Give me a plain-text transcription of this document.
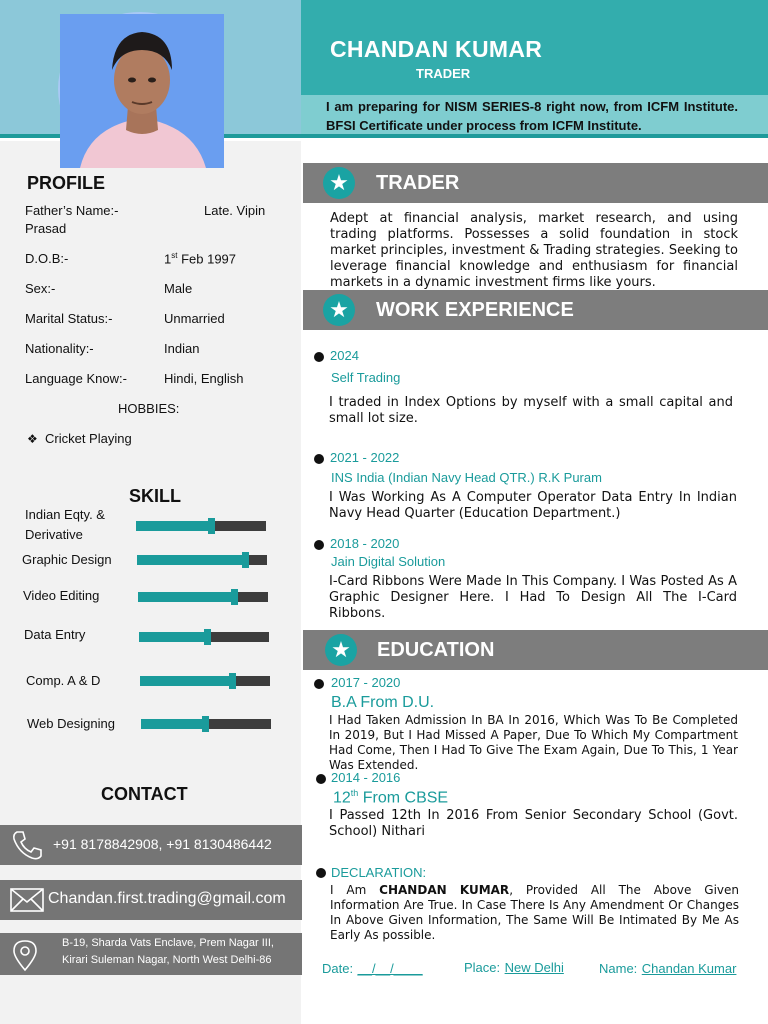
CHANDAN KUMAR
TRADER
I am preparing for NISM SERIES-8 right now, from ICFM Institute. BFSI Certificate under process from ICFM Institute.
PROFILE
Father’s Name:-	Late. Vipin
Prasad
D.O.B:-	1st Feb 1997
Sex:-	Male
Marital Status:-	Unmarried
Nationality:-	Indian
Language Know:-	Hindi, English
HOBBIES:
❖ Cricket Playing
SKILL
Indian Eqty. &
Derivative
Graphic Design
Video Editing
Data Entry
Comp. A & D
Web Designing
CONTACT
+91 8178842908, +91 8130486442
Chandan.first.trading@gmail.com
B-19, Sharda Vats Enclave, Prem Nagar III,
Kirari Suleman Nagar, North West Delhi-86
★	TRADER
Adept at financial analysis, market research, and using trading platforms. Possesses a solid foundation in stock market principles, investment & Trading strategies. Seeking to leverage financial knowledge and enthusiasm for financial markets in a dynamic investment firms like yours.
★	WORK EXPERIENCE
2024
Self Trading
I traded in Index Options by myself with a small capital and small lot size.
2021 - 2022
INS India (Indian Navy Head QTR.) R.K Puram
I Was Working As A Computer Operator Data Entry In Indian Navy Head Quarter (Education Department.)
2018 - 2020
Jain Digital Solution
I-Card Ribbons Were Made In This Company. I Was Posted As A Graphic Designer Here. I Had To Design All The I-Card Ribbons.
★	EDUCATION
2017 - 2020
B.A From D.U.
I Had Taken Admission In BA In 2016, Which Was To Be Completed In 2019, But I Had Missed A Paper, Due To Which My Compartment Had Come, Then I Had To Give The Exam Again, Due To This, 1 Year Was Extended.
2014 - 2016
12th From CBSE
I Passed 12th In 2016 From Senior Secondary School (Govt. School) Nithari
DECLARATION:
I Am CHANDAN KUMAR, Provided All The Above Given Information Are True. In Case There Is Any Amendment Or Changes In Above Given Information, The Same Will Be Intimated By Me As Early As possible.
Date: __/__/____	Place: New Delhi	Name: Chandan Kumar
